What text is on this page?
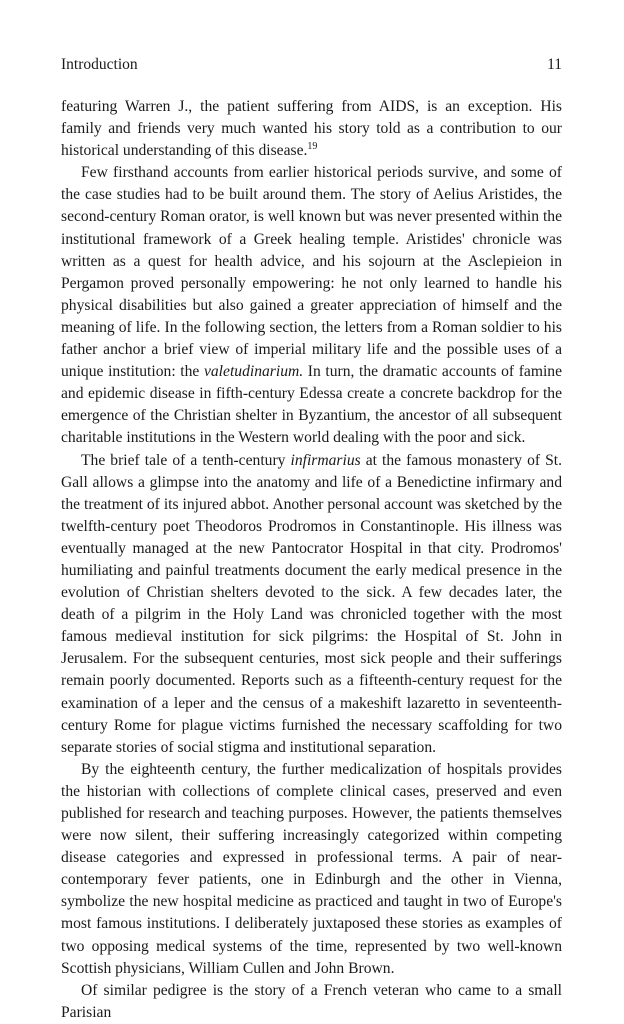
Introduction	11

featuring Warren J., the patient suffering from AIDS, is an exception. His family and friends very much wanted his story told as a contribution to our historical understanding of this disease.$^{19}$

Few firsthand accounts from earlier historical periods survive, and some of the case studies had to be built around them. The story of Aelius Aristides, the second-century Roman orator, is well known but was never presented within the institutional framework of a Greek healing temple. Aristides' chronicle was written as a quest for health advice, and his sojourn at the Asclepieion in Pergamon proved personally empowering: he not only learned to handle his physical disabilities but also gained a greater appreciation of himself and the meaning of life. In the following section, the letters from a Roman soldier to his father anchor a brief view of imperial military life and the possible uses of a unique institution: the valetudinarium. In turn, the dramatic accounts of famine and epidemic disease in fifth-century Edessa create a concrete backdrop for the emergence of the Christian shelter in Byzantium, the ancestor of all subsequent charitable institutions in the Western world dealing with the poor and sick.

The brief tale of a tenth-century infirmarius at the famous monastery of St. Gall allows a glimpse into the anatomy and life of a Benedictine infirmary and the treatment of its injured abbot. Another personal account was sketched by the twelfth-century poet Theodoros Prodromos in Constantinople. His illness was eventually managed at the new Pantocrator Hospital in that city. Prodromos' humiliating and painful treatments document the early medical presence in the evolution of Christian shelters devoted to the sick. A few decades later, the death of a pilgrim in the Holy Land was chronicled together with the most famous medieval institution for sick pilgrims: the Hospital of St. John in Jerusalem. For the subsequent centuries, most sick people and their sufferings remain poorly documented. Reports such as a fifteenth-century request for the examination of a leper and the census of a makeshift lazaretto in seventeenth-century Rome for plague victims furnished the necessary scaffolding for two separate stories of social stigma and institutional separation.

By the eighteenth century, the further medicalization of hospitals provides the historian with collections of complete clinical cases, preserved and even published for research and teaching purposes. However, the patients themselves were now silent, their suffering increasingly categorized within competing disease categories and expressed in professional terms. A pair of near-contemporary fever patients, one in Edinburgh and the other in Vienna, symbolize the new hospital medicine as practiced and taught in two of Europe's most famous institutions. I deliberately juxtaposed these stories as examples of two opposing medical systems of the time, represented by two well-known Scottish physicians, William Cullen and John Brown.

Of similar pedigree is the story of a French veteran who came to a small Parisian
